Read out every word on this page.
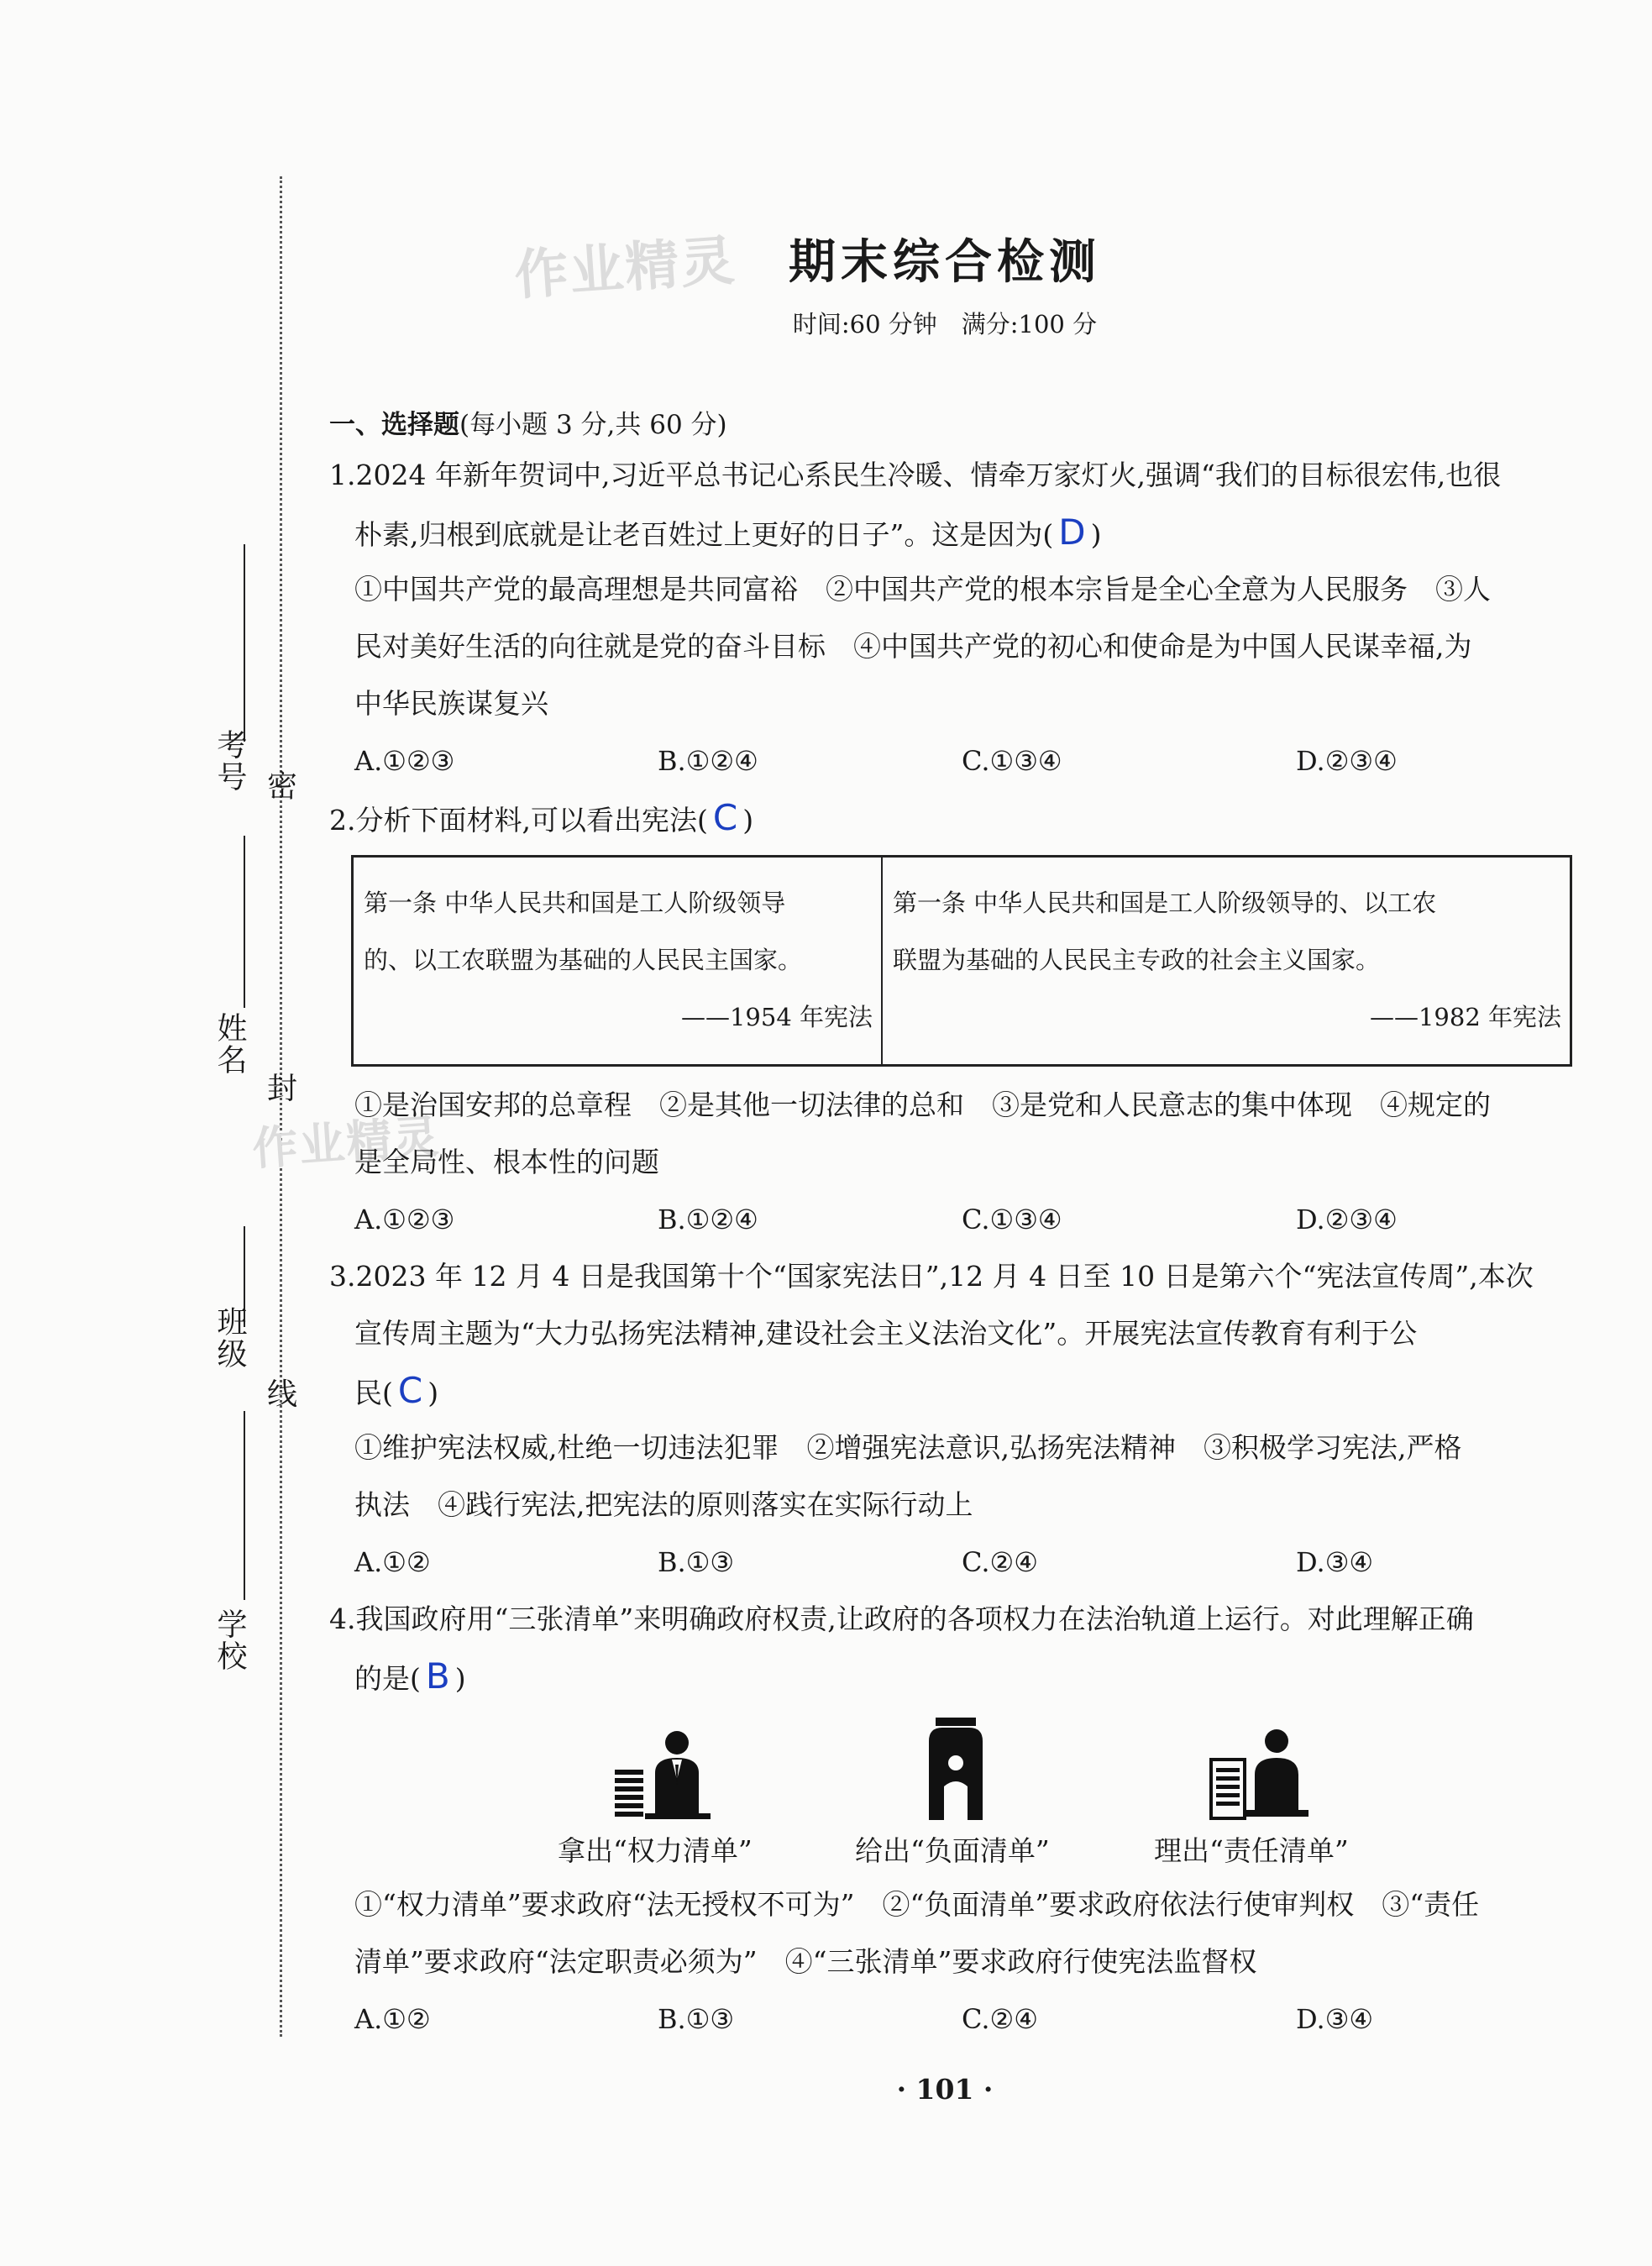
考号
姓名
班级
学校
密
封
线
作业精灵
作业精灵
期末综合检测
时间:60 分钟　满分:100 分
一、选择题(每小题 3 分,共 60 分)
1.2024 年新年贺词中,习近平总书记心系民生冷暖、情牵万家灯火,强调“我们的目标很宏伟,也很
朴素,归根到底就是让老百姓过上更好的日子”。这是因为( D )
①中国共产党的最高理想是共同富裕　②中国共产党的根本宗旨是全心全意为人民服务　③人
民对美好生活的向往就是党的奋斗目标　④中国共产党的初心和使命是为中国人民谋幸福,为
中华民族谋复兴
A.①②③	B.①②④	C.①③④	D.②③④
2.分析下面材料,可以看出宪法( C )
第一条 中华人民共和国是工人阶级领导
的、以工农联盟为基础的人民民主国家。
——1954 年宪法
第一条 中华人民共和国是工人阶级领导的、以工农
联盟为基础的人民民主专政的社会主义国家。
——1982 年宪法
①是治国安邦的总章程　②是其他一切法律的总和　③是党和人民意志的集中体现　④规定的
是全局性、根本性的问题
A.①②③	B.①②④	C.①③④	D.②③④
3.2023 年 12 月 4 日是我国第十个“国家宪法日”,12 月 4 日至 10 日是第六个“宪法宣传周”,本次
宣传周主题为“大力弘扬宪法精神,建设社会主义法治文化”。开展宪法宣传教育有利于公
民( C )
①维护宪法权威,杜绝一切违法犯罪　②增强宪法意识,弘扬宪法精神　③积极学习宪法,严格
执法　④践行宪法,把宪法的原则落实在实际行动上
A.①②	B.①③	C.②④	D.③④
4.我国政府用“三张清单”来明确政府权责,让政府的各项权力在法治轨道上运行。对此理解正确
的是( B )
拿出“权力清单”	给出“负面清单”	理出“责任清单”
①“权力清单”要求政府“法无授权不可为”　②“负面清单”要求政府依法行使审判权　③“责任
清单”要求政府“法定职责必须为”　④“三张清单”要求政府行使宪法监督权
A.①②	B.①③	C.②④	D.③④
· 101 ·
